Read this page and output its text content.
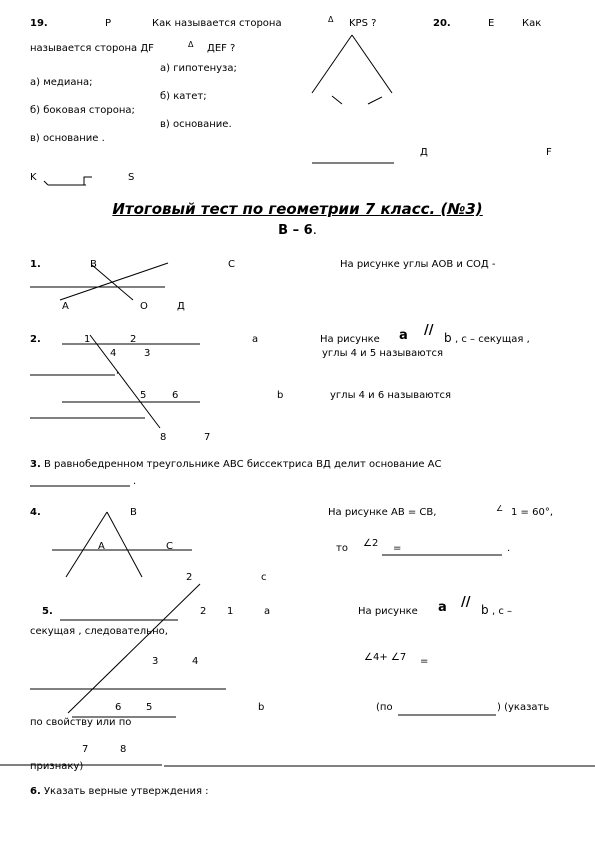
19.	Р	Как называется сторона	Δ KPS ?	20.	Е	Как
называется сторона ДF	Δ ДEF ?
а) гипотенуза;
а) медиана;
б) катет;
б) боковая сторона;
в) основание.
в) основание .
Д	F
K	S
Итоговый тест по геометрии 7 класс. (№3)
В – 6.
1.	В	С	На рисунке углы АОВ и СОД -
А	О	Д
2.	1	2	а	На рисунке а // b , с – секущая ,
4	3	углы 4 и 5 называются
,
5	6	b	углы 4 и 6 называются
8	7
3. В равнобедренном треугольнике АВС биссектриса ВД делит основание АС
.
4.	В	На рисунке АВ = СВ,	∠ 1 = 60°,
А	С	то ∠2 =	.
2	с
5.	2 1	а	На рисунке а // b , с –
секущая , следовательно,
3	4	∠4+ ∠7 =
6 5	b	(по	) (указать
по свойству или по
7	8
признаку)
6. Указать верные утверждения :
